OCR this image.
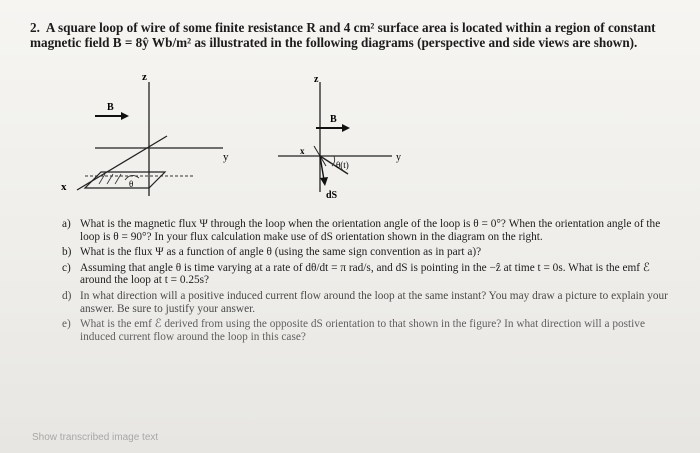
2. A square loop of wire of some finite resistance R and 4 cm² surface area is located within a region of constant magnetic field B = 8ŷ Wb/m² as illustrated in the following diagrams (perspective and side views are shown).
z
y
x
B
θ
z
y
x
B
θ(t)
dS
a) What is the magnetic flux Ψ through the loop when the orientation angle of the loop is θ = 0°? When the orientation angle of the loop is θ = 90°? In your flux calculation make use of dS orientation shown in the diagram on the right.
b) What is the flux Ψ as a function of angle θ (using the same sign convention as in part a)?
c) Assuming that angle θ is time varying at a rate of dθ/dt = π rad/s, and dS is pointing in the −ẑ at time t = 0s. What is the emf ℰ around the loop at t = 0.25s?
d) In what direction will a positive induced current flow around the loop at the same instant? You may draw a picture to explain your answer. Be sure to justify your answer.
e) What is the emf ℰ derived from using the opposite dS orientation to that shown in the figure? In what direction will a postive induced current flow around the loop in this case?
Show transcribed image text
